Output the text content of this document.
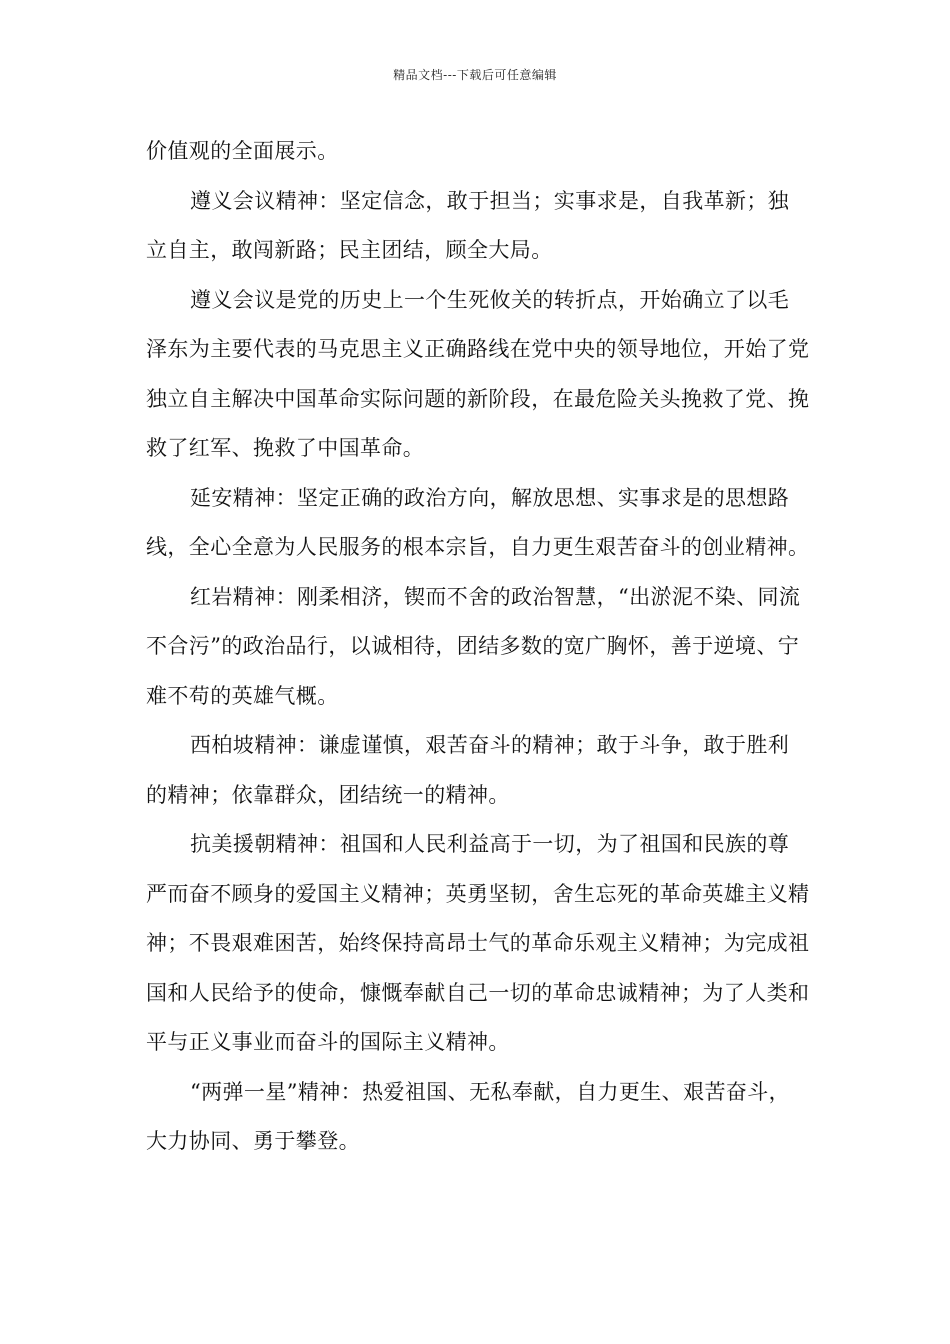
精品文档---下载后可任意编辑

价值观的全面展示。

遵义会议精神：坚定信念，敢于担当；实事求是，自我革新；独立自主，敢闯新路；民主团结，顾全大局。

遵义会议是党的历史上一个生死攸关的转折点，开始确立了以毛泽东为主要代表的马克思主义正确路线在党中央的领导地位，开始了党独立自主解决中国革命实际问题的新阶段，在最危险关头挽救了党、挽救了红军、挽救了中国革命。

延安精神：坚定正确的政治方向，解放思想、实事求是的思想路线，全心全意为人民服务的根本宗旨，自力更生艰苦奋斗的创业精神。

红岩精神：刚柔相济，锲而不舍的政治智慧，“出淤泥不染、同流不合污”的政治品行，以诚相待，团结多数的宽广胸怀，善于逆境、宁难不苟的英雄气概。

西柏坡精神：谦虚谨慎，艰苦奋斗的精神；敢于斗争，敢于胜利的精神；依靠群众，团结统一的精神。

抗美援朝精神：祖国和人民利益高于一切，为了祖国和民族的尊严而奋不顾身的爱国主义精神；英勇坚韧，舍生忘死的革命英雄主义精神；不畏艰难困苦，始终保持高昂士气的革命乐观主义精神；为完成祖国和人民给予的使命，慷慨奉献自己一切的革命忠诚精神；为了人类和平与正义事业而奋斗的国际主义精神。

“两弹一星”精神：热爱祖国、无私奉献，自力更生、艰苦奋斗，大力协同、勇于攀登。
